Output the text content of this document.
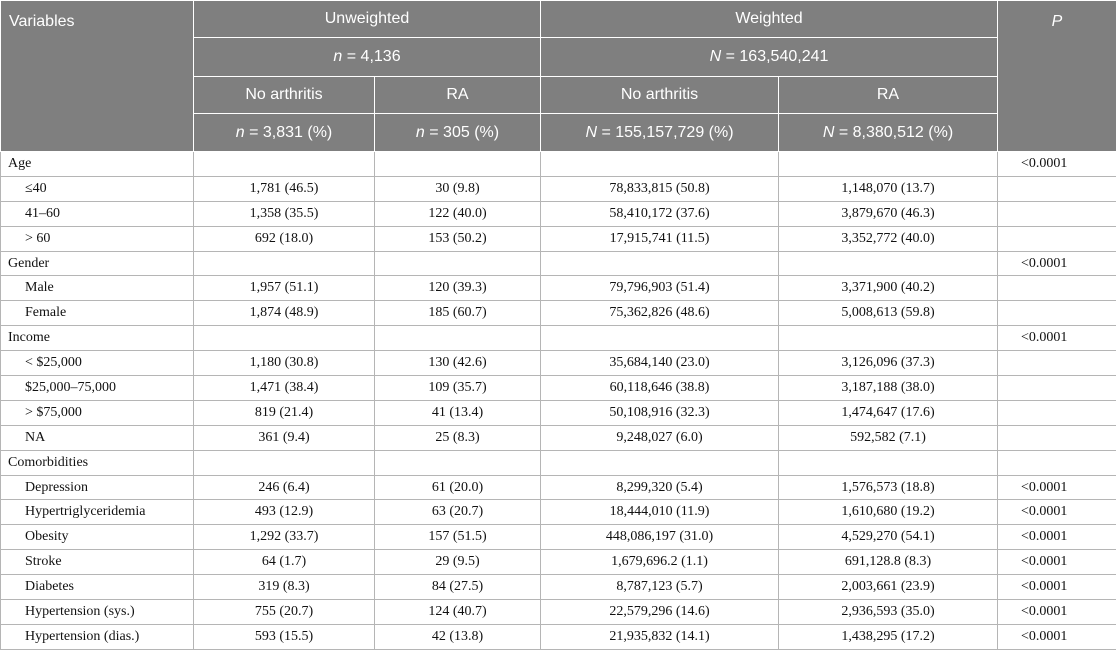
Variables	Unweighted		Weighted		P
	n = 4,136		N = 163,540,241		
	No arthritis	RA	No arthritis	RA	
	n = 3,831 (%)	n = 305 (%)	N = 155,157,729 (%)	N = 8,380,512 (%)	
Age					<0.0001
≤40	1,781 (46.5)	30 (9.8)	78,833,815 (50.8)	1,148,070 (13.7)	
41–60	1,358 (35.5)	122 (40.0)	58,410,172 (37.6)	3,879,670 (46.3)	
> 60	692 (18.0)	153 (50.2)	17,915,741 (11.5)	3,352,772 (40.0)	
Gender					<0.0001
Male	1,957 (51.1)	120 (39.3)	79,796,903 (51.4)	3,371,900 (40.2)	
Female	1,874 (48.9)	185 (60.7)	75,362,826 (48.6)	5,008,613 (59.8)	
Income					<0.0001
< $25,000	1,180 (30.8)	130 (42.6)	35,684,140 (23.0)	3,126,096 (37.3)	
$25,000–75,000	1,471 (38.4)	109 (35.7)	60,118,646 (38.8)	3,187,188 (38.0)	
> $75,000	819 (21.4)	41 (13.4)	50,108,916 (32.3)	1,474,647 (17.6)	
NA	361 (9.4)	25 (8.3)	9,248,027 (6.0)	592,582 (7.1)	
Comorbidities					
Depression	246 (6.4)	61 (20.0)	8,299,320 (5.4)	1,576,573 (18.8)	<0.0001
Hypertriglyceridemia	493 (12.9)	63 (20.7)	18,444,010 (11.9)	1,610,680 (19.2)	<0.0001
Obesity	1,292 (33.7)	157 (51.5)	448,086,197 (31.0)	4,529,270 (54.1)	<0.0001
Stroke	64 (1.7)	29 (9.5)	1,679,696.2 (1.1)	691,128.8 (8.3)	<0.0001
Diabetes	319 (8.3)	84 (27.5)	8,787,123 (5.7)	2,003,661 (23.9)	<0.0001
Hypertension (sys.)	755 (20.7)	124 (40.7)	22,579,296 (14.6)	2,936,593 (35.0)	<0.0001
Hypertension (dias.)	593 (15.5)	42 (13.8)	21,935,832 (14.1)	1,438,295 (17.2)	<0.0001
